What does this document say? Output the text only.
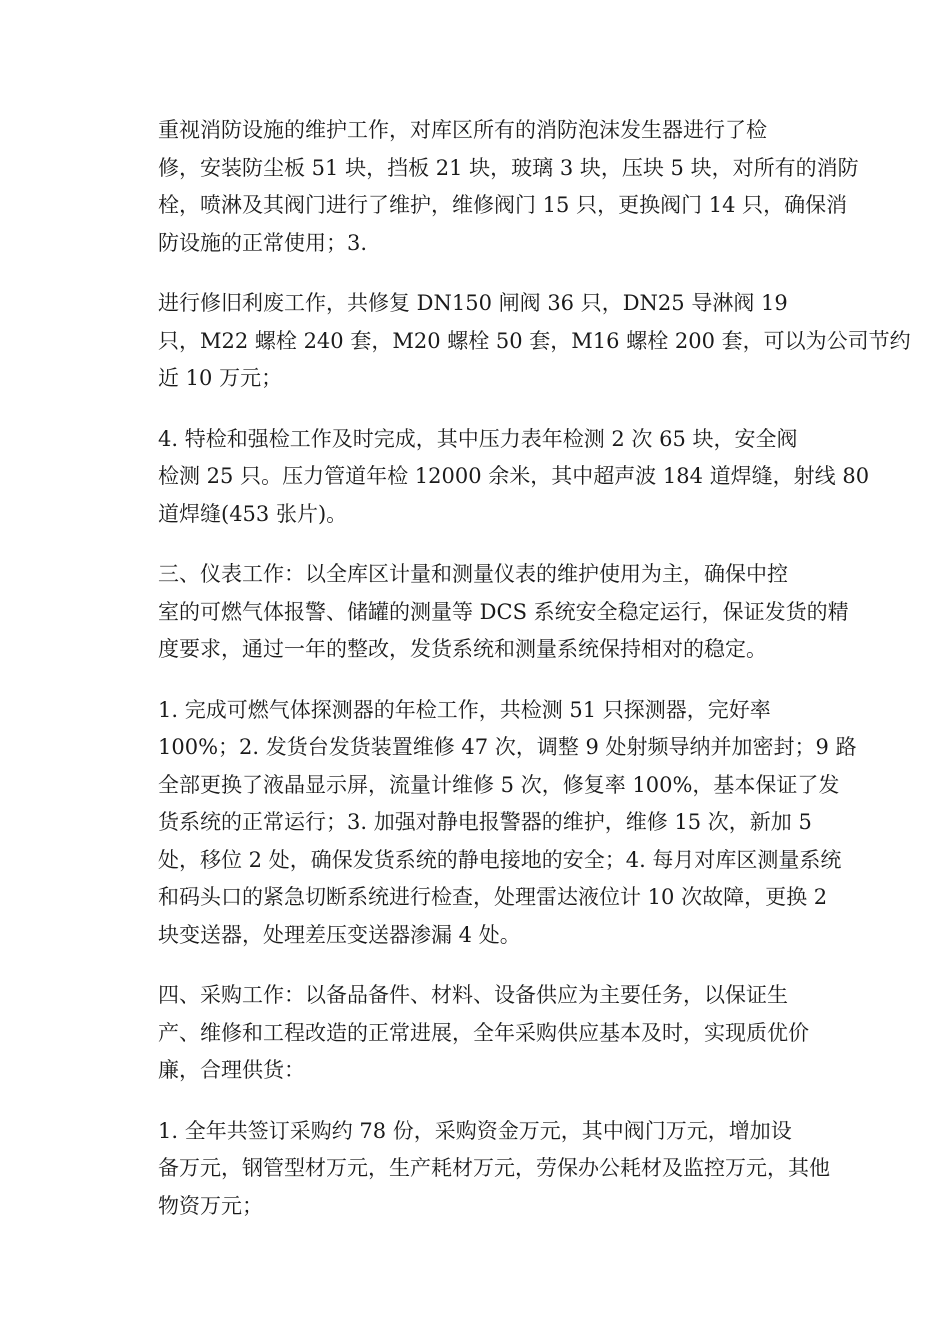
重视消防设施的维护工作，对库区所有的消防泡沫发生器进行了检
修，安装防尘板 51 块，挡板 21 块，玻璃 3 块，压块 5 块，对所有的消防
栓，喷淋及其阀门进行了维护，维修阀门 15 只，更换阀门 14 只，确保消
防设施的正常使用；3.

进行修旧利废工作，共修复 DN150 闸阀 36 只，DN25 导淋阀 19
只，M22 螺栓 240 套，M20 螺栓 50 套，M16 螺栓 200 套，可以为公司节约
近 10 万元；

4. 特检和强检工作及时完成，其中压力表年检测 2 次 65 块，安全阀
检测 25 只。压力管道年检 12000 余米，其中超声波 184 道焊缝，射线 80
道焊缝(453 张片)。

三、仪表工作：以全库区计量和测量仪表的维护使用为主，确保中控
室的可燃气体报警、储罐的测量等 DCS 系统安全稳定运行，保证发货的精
度要求，通过一年的整改，发货系统和测量系统保持相对的稳定。

1. 完成可燃气体探测器的年检工作，共检测 51 只探测器，完好率
100%；2. 发货台发货装置维修 47 次，调整 9 处射频导纳并加密封；9 路
全部更换了液晶显示屏，流量计维修 5 次，修复率 100%，基本保证了发
货系统的正常运行；3. 加强对静电报警器的维护，维修 15 次，新加 5
处，移位 2 处，确保发货系统的静电接地的安全；4. 每月对库区测量系统
和码头口的紧急切断系统进行检查，处理雷达液位计 10 次故障，更换 2
块变送器，处理差压变送器渗漏 4 处。

四、采购工作：以备品备件、材料、设备供应为主要任务，以保证生
产、维修和工程改造的正常进展，全年采购供应基本及时，实现质优价
廉，合理供货：

1. 全年共签订采购约 78 份，采购资金万元，其中阀门万元，增加设
备万元，钢管型材万元，生产耗材万元，劳保办公耗材及监控万元，其他
物资万元；
